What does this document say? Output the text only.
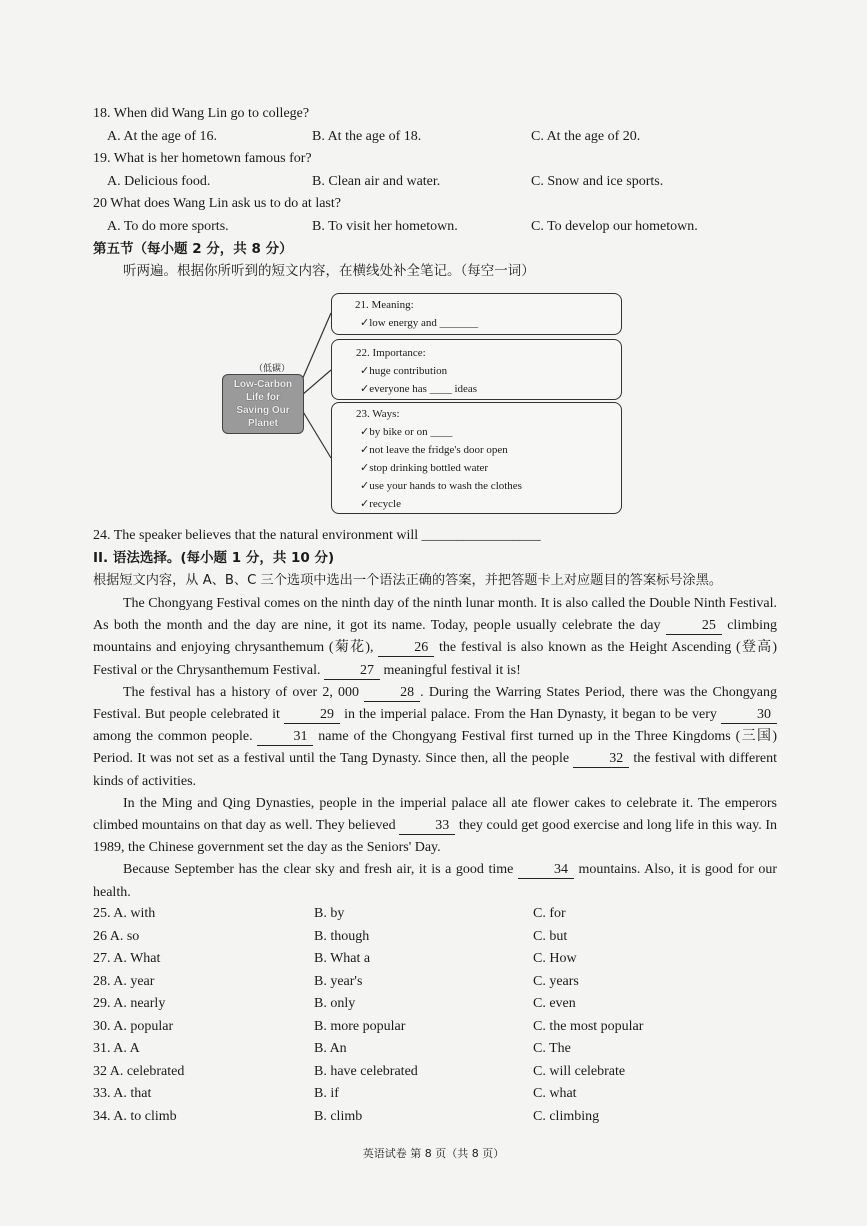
18. When did Wang Lin go to college?
A. At the age of 16.	B. At the age of 18.	C. At the age of 20.
19. What is her hometown famous for?
A. Delicious food.	B. Clean air and water.	C. Snow and ice sports.
20 What does Wang Lin ask us to do at last?
A. To do more sports.	B. To visit her hometown.	C. To develop our hometown.
第五节（每小题 2 分，共 8 分）
听两遍。根据你所听到的短文内容，在横线处补全笔记。（每空一词）
（低碳）
Low-Carbon
Life for
Saving Our
Planet
21. Meaning:
✓low energy and _______
22. Importance:
✓huge contribution
✓everyone has ____ ideas
23. Ways:
✓by bike or on ____
✓not leave the fridge's door open
✓stop drinking bottled water
✓use your hands to wash the clothes
✓recycle
24. The speaker believes that the natural environment will _________________
II. 语法选择。(每小题 1 分，共 10 分)
根据短文内容，从 A、B、C 三个选项中选出一个语法正确的答案，并把答题卡上对应题目的答案标号涂黑。

The Chongyang Festival comes on the ninth day of the ninth lunar month. It is also called the Double Ninth Festival. As both the month and the day are nine, it got its name. Today, people usually celebrate the day	25 climbing mountains and enjoying chrysanthemum (菊花),	26 the festival is also known as the Height Ascending (登高) Festival or the Chrysanthemum Festival.	27 meaningful festival it is!

The festival has a history of over 2, 000	28 . During the Warring States Period, there was the Chongyang Festival. But people celebrated it	29 in the imperial palace. From the Han Dynasty, it began to be very	30 among the common people.	31 name of the Chongyang Festival first turned up in the Three Kingdoms (三国) Period. It was not set as a festival until the Tang Dynasty. Since then, all the people	32 the festival with different kinds of activities.

In the Ming and Qing Dynasties, people in the imperial palace all ate flower cakes to celebrate it. The emperors climbed mountains on that day as well. They believed	33 they could get good exercise and long life in this way. In 1989, the Chinese government set the day as the Seniors' Day.

Because September has the clear sky and fresh air, it is a good time	34 mountains. Also, it is good for our health.

25. A. with	B. by	C. for
26 A. so	B. though	C. but
27. A. What	B. What a	C. How
28. A. year	B. year's	C. years
29. A. nearly	B. only	C. even
30. A. popular	B. more popular	C. the most popular
31. A. A	B. An	C. The
32 A. celebrated	B. have celebrated	C. will celebrate
33. A. that	B. if	C. what
34. A. to climb	B. climb	C. climbing
英语试卷 第 8 页（共 8 页）
